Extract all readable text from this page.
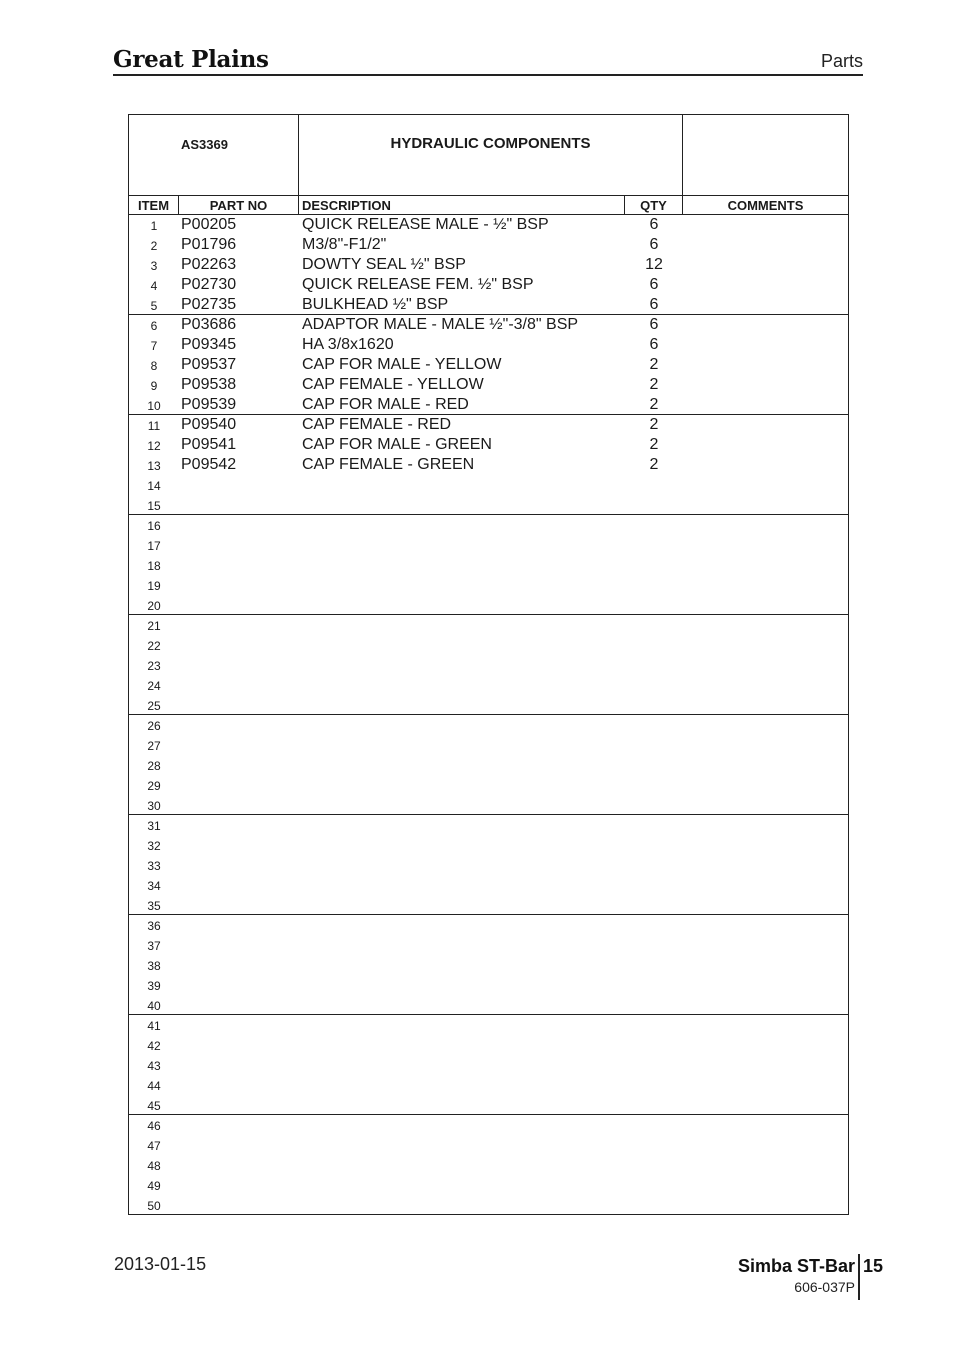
Great Plains	Parts
AS3369	HYDRAULIC COMPONENTS
ITEM	PART NO	DESCRIPTION	QTY	COMMENTS
1	P00205	QUICK RELEASE MALE - ½" BSP	6
2	P01796	M3/8"-F1/2"	6
3	P02263	DOWTY SEAL ½" BSP	12
4	P02730	QUICK RELEASE FEM. ½" BSP	6
5	P02735	BULKHEAD ½" BSP	6
6	P03686	ADAPTOR MALE - MALE ½"-3/8" BSP	6
7	P09345	HA 3/8x1620	6
8	P09537	CAP FOR MALE - YELLOW	2
9	P09538	CAP FEMALE - YELLOW	2
10	P09539	CAP FOR MALE - RED	2
11	P09540	CAP FEMALE - RED	2
12	P09541	CAP FOR MALE - GREEN	2
13	P09542	CAP FEMALE - GREEN	2
14
15
16
17
18
19
20
21
22
23
24
25
26
27
28
29
30
31
32
33
34
35
36
37
38
39
40
41
42
43
44
45
46
47
48
49
50
2013-01-15	Simba ST-Bar
606-037P
15
